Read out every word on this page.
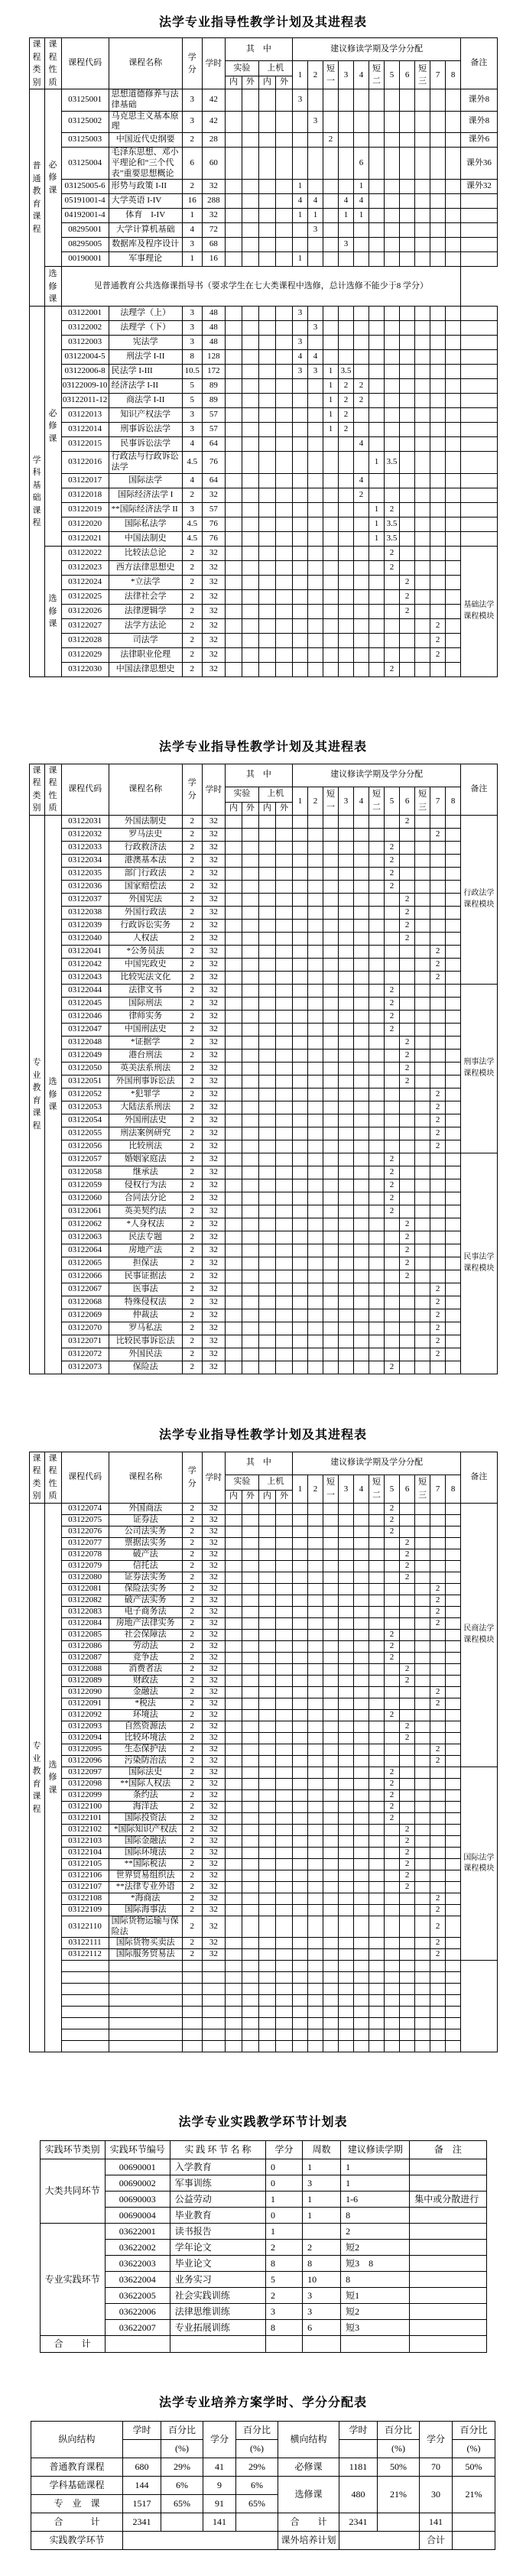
法学专业指导性教学计划及其进程表
课程类别	课程性质	课程代码	课程名称	学分	学时	其　中				建议修读学期及学分分配											备注
						实验		上机		1	2	短一	3	4	短二	5	6	短三	7	8	
						内	外	内	外												
普通教育课程	必修课	03125001	思想道德修养与法律基础	3	42					3											课外8
		03125002	马克思主义基本原理	3	42						3										课外8
		03125003	中国近代史纲要	2	28							2									课外6
		03125004	毛泽东思想、邓小平理论和“三个代表”重要思想概论	6	60									6							课外36
		03125005-6	形势与政策 I-II	2	32					1				1							课外32
		05191001-4	大学英语 I-IV	16	288					4	4		4	4							
		04192001-4	体育　I-IV	1	32					1	1		1	1							
		08295001	大学计算机基础	4	72						3										
		08295005	数据库及程序设计	3	68								3								
		00190001	军事理论	1	16					1											
	选修课	见普通教育公共选修课指导书（要求学生在七大类课程中选修，总计选修不能少于8 学分）																			
学科基础课程	必修课	03122001	法理学（上）	3	48					3											
		03122002	法理学（下）	3	48						3										
		03122003	宪法学	3	48					3											
		03122004-5	刑法学 I-II	8	128					4	4										
		03122006-8	民法学 I-III	10.5	172					3	3	1	3.5								
		03122009-10	经济法学 I-II	5	89							1	2	2							
		03122011-12	商法学 I-II	5	89							1	2	2							
		03122013	知识产权法学	3	57							1	2								
		03122014	刑事诉讼法学	3	57							1	2								
		03122015	民事诉讼法学	4	64									4							
		03122016	行政法与行政诉讼法学	4.5	76										1	3.5					
		03122017	国际法学	4	64									4							
		03122018	国际经济法学 I	2	32									2							
		03122019	**国际经济法学 II	3	57										1	2					
		03122020	国际私法学	4.5	76										1	3.5					
		03122021	中国法制史	4.5	76										1	3.5					
	选修课	03122022	比较法总论	2	32											2					基础法学课程模块
		03122023	西方法律思想史	2	32											2					
		03122024	*立法学	2	32												2				
		03122025	法律社会学	2	32												2				
		03122026	法律逻辑学	2	32												2				
		03122027	法学方法论	2	32														2		
		03122028	司法学	2	32														2		
		03122029	法律职业伦理	2	32														2		
		03122030	中国法律思想史	2	32											2					
法学专业指导性教学计划及其进程表
课程类别	课程性质	课程代码	课程名称	学分	学时	其　中				建议修读学期及学分分配											备注
						实验		上机		1	2	短一	3	4	短二	5	6	短三	7	8	
						内	外	内	外												
专业教育课程	选修课	03122031	外国法制史	2	32												2				行政法学课程模块
		03122032	罗马法史	2	32														2		
		03122033	行政救济法	2	32											2					
		03122034	港澳基本法	2	32											2					
		03122035	部门行政法	2	32											2					
		03122036	国家赔偿法	2	32											2					
		03122037	外国宪法	2	32												2				
		03122038	外国行政法	2	32												2				
		03122039	行政诉讼实务	2	32												2				
		03122040	人权法	2	32												2				
		03122041	*公务员法	2	32														2		
		03122042	中国宪政史	2	32														2		
		03122043	比较宪法文化	2	32														2		
		03122044	法律文书	2	32											2					刑事法学课程模块
		03122045	国际刑法	2	32											2					
		03122046	律师实务	2	32											2					
		03122047	中国刑法史	2	32											2					
		03122048	*证据学	2	32												2				
		03122049	港台刑法	2	32												2				
		03122050	英美法系刑法	2	32												2				
		03122051	外国刑事诉讼法	2	32												2				
		03122052	*犯罪学	2	32														2		
		03122053	大陆法系刑法	2	32														2		
		03122054	外国刑法史	2	32														2		
		03122055	刑法案例研究	2	32														2		
		03122056	比较刑法	2	32														2		
		03122057	婚姻家庭法	2	32											2					民事法学课程模块
		03122058	继承法	2	32											2					
		03122059	侵权行为法	2	32											2					
		03122060	合同法分论	2	32											2					
		03122061	英美契约法	2	32											2					
		03122062	*人身权法	2	32												2				
		03122063	民法专题	2	32												2				
		03122064	房地产法	2	32												2				
		03122065	担保法	2	32												2				
		03122066	民事证据法	2	32												2				
		03122067	医事法	2	32														2		
		03122068	特殊侵权法	2	32														2		
		03122069	仲裁法	2	32														2		
		03122070	罗马私法	2	32														2		
		03122071	比较民事诉讼法	2	32														2		
		03122072	外国民法	2	32														2		
		03122073	保险法	2	32											2					
法学专业指导性教学计划及其进程表
课程类别	课程性质	课程代码	课程名称	学分	学时	其　中				建议修读学期及学分分配											备注
						实验		上机		1	2	短一	3	4	短二	5	6	短三	7	8	
						内	外	内	外												
专业教育课程	选修课	03122074	外国商法	2	32											2					民商法学课程模块
		03122075	证券法	2	32											2					
		03122076	公司法实务	2	32											2					
		03122077	票据法实务	2	32												2				
		03122078	破产法	2	32												2				
		03122079	信托法	2	32												2				
		03122080	证券法实务	2	32												2				
		03122081	保险法实务	2	32														2		
		03122082	破产法实务	2	32														2		
		03122083	电子商务法	2	32														2		
		03122084	房地产法律实务	2	32														2		
		03122085	社会保障法	2	32											2					
		03122086	劳动法	2	32											2					
		03122087	竞争法	2	32											2					
		03122088	消费者法	2	32												2				
		03122089	财政法	2	32												2				
		03122090	金融法	2	32														2		
		03122091	*税法	2	32														2		
		03122092	环境法	2	32											2					
		03122093	自然资源法	2	32												2				
		03122094	比较环境法	2	32												2				
		03122095	生态保护法	2	32														2		
		03122096	污染防治法	2	32														2		
		03122097	国际法史	2	32											2					国际法学课程模块
		03122098	**国际人权法	2	32											2					
		03122099	条约法	2	32											2					
		03122100	海洋法	2	32											2					
		03122101	国际投资法	2	32											2					
		03122102	*国际知识产权法	2	32												2				
		03122103	国际金融法	2	32												2				
		03122104	国际环境法	2	32												2				
		03122105	**国际税法	2	32												2				
		03122106	世界贸易组织法	2	32												2				
		03122107	**法律专业外语	2	32												2				
		03122108	*海商法	2	32														2		
		03122109	国际海事法	2	32														2		
		03122110	国际货物运输与保险法	2	32														2		
		03122111	国际货物买卖法	2	32														2		
		03122112	国际服务贸易法	2	32														2		

法学专业实践教学环节计划表
实践环节类别	实践环节编号	实 践 环 节 名 称	学分	周数	建议修读学期	备　注
大类共同环节	00690001	入学教育	0	1	1	
	00690002	军事训练	0	3	1	
	00690003	公益劳动	1	1	1-6	集中或分散进行
	00690004	毕业教育	0	1	8	
专业实践环节	03622001	读书报告	1		2	
	03622002	学年论文	2	2	短2	
	03622003	毕业论文	8	8	短3　8	
	03622004	业务实习	5	10	8	
	03622005	社会实践训练	2	3	短1	
	03622006	法律思维训练	3	3	短2	
	03622007	专业拓展训练	8	6	短3	
合　　计						
法学专业培养方案学时、学分分配表
纵向结构	学时	百分比	学分	百分比	横向结构	学时	百分比	学分	百分比
		(%)		(%)			(%)		(%)
普通教育课程	680	29%	41	29%	必修课	1181	50%	70	50%
学科基础课程	144	6%	9	6%	选修课	480	21%	30	21%
专　业　课	1517	65%	91	65%					
合　　　计	2341		141		合　　计	2341		141	
实践教学环节					课外培养计划			合计	
